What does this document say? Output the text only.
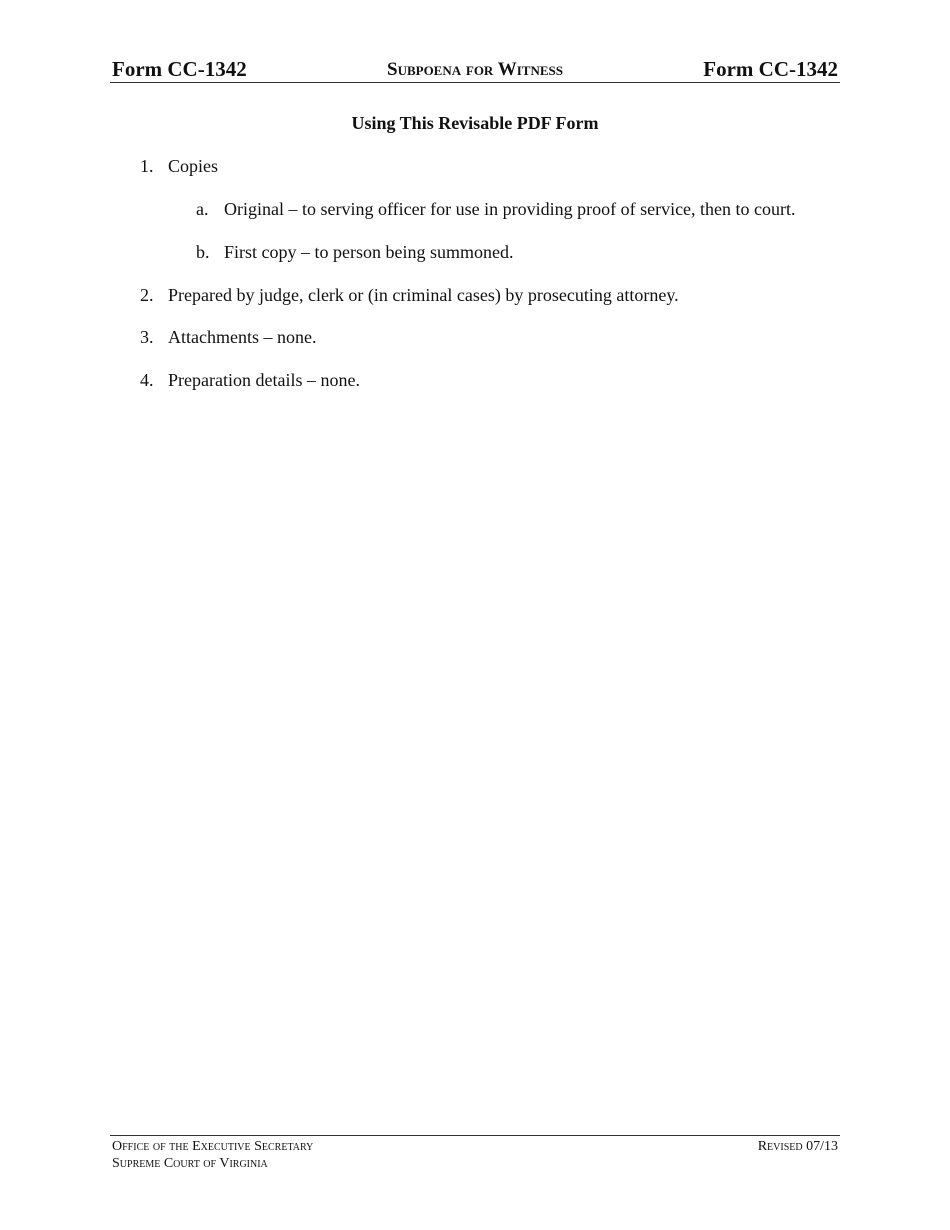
Form CC-1342	Subpoena for Witness	Form CC-1342
Using This Revisable PDF Form
1. Copies
a. Original – to serving officer for use in providing proof of service, then to court.
b. First copy – to person being summoned.
2. Prepared by judge, clerk or (in criminal cases) by prosecuting attorney.
3. Attachments – none.
4. Preparation details – none.
Office of the Executive Secretary
Supreme Court of Virginia
Revised 07/13
